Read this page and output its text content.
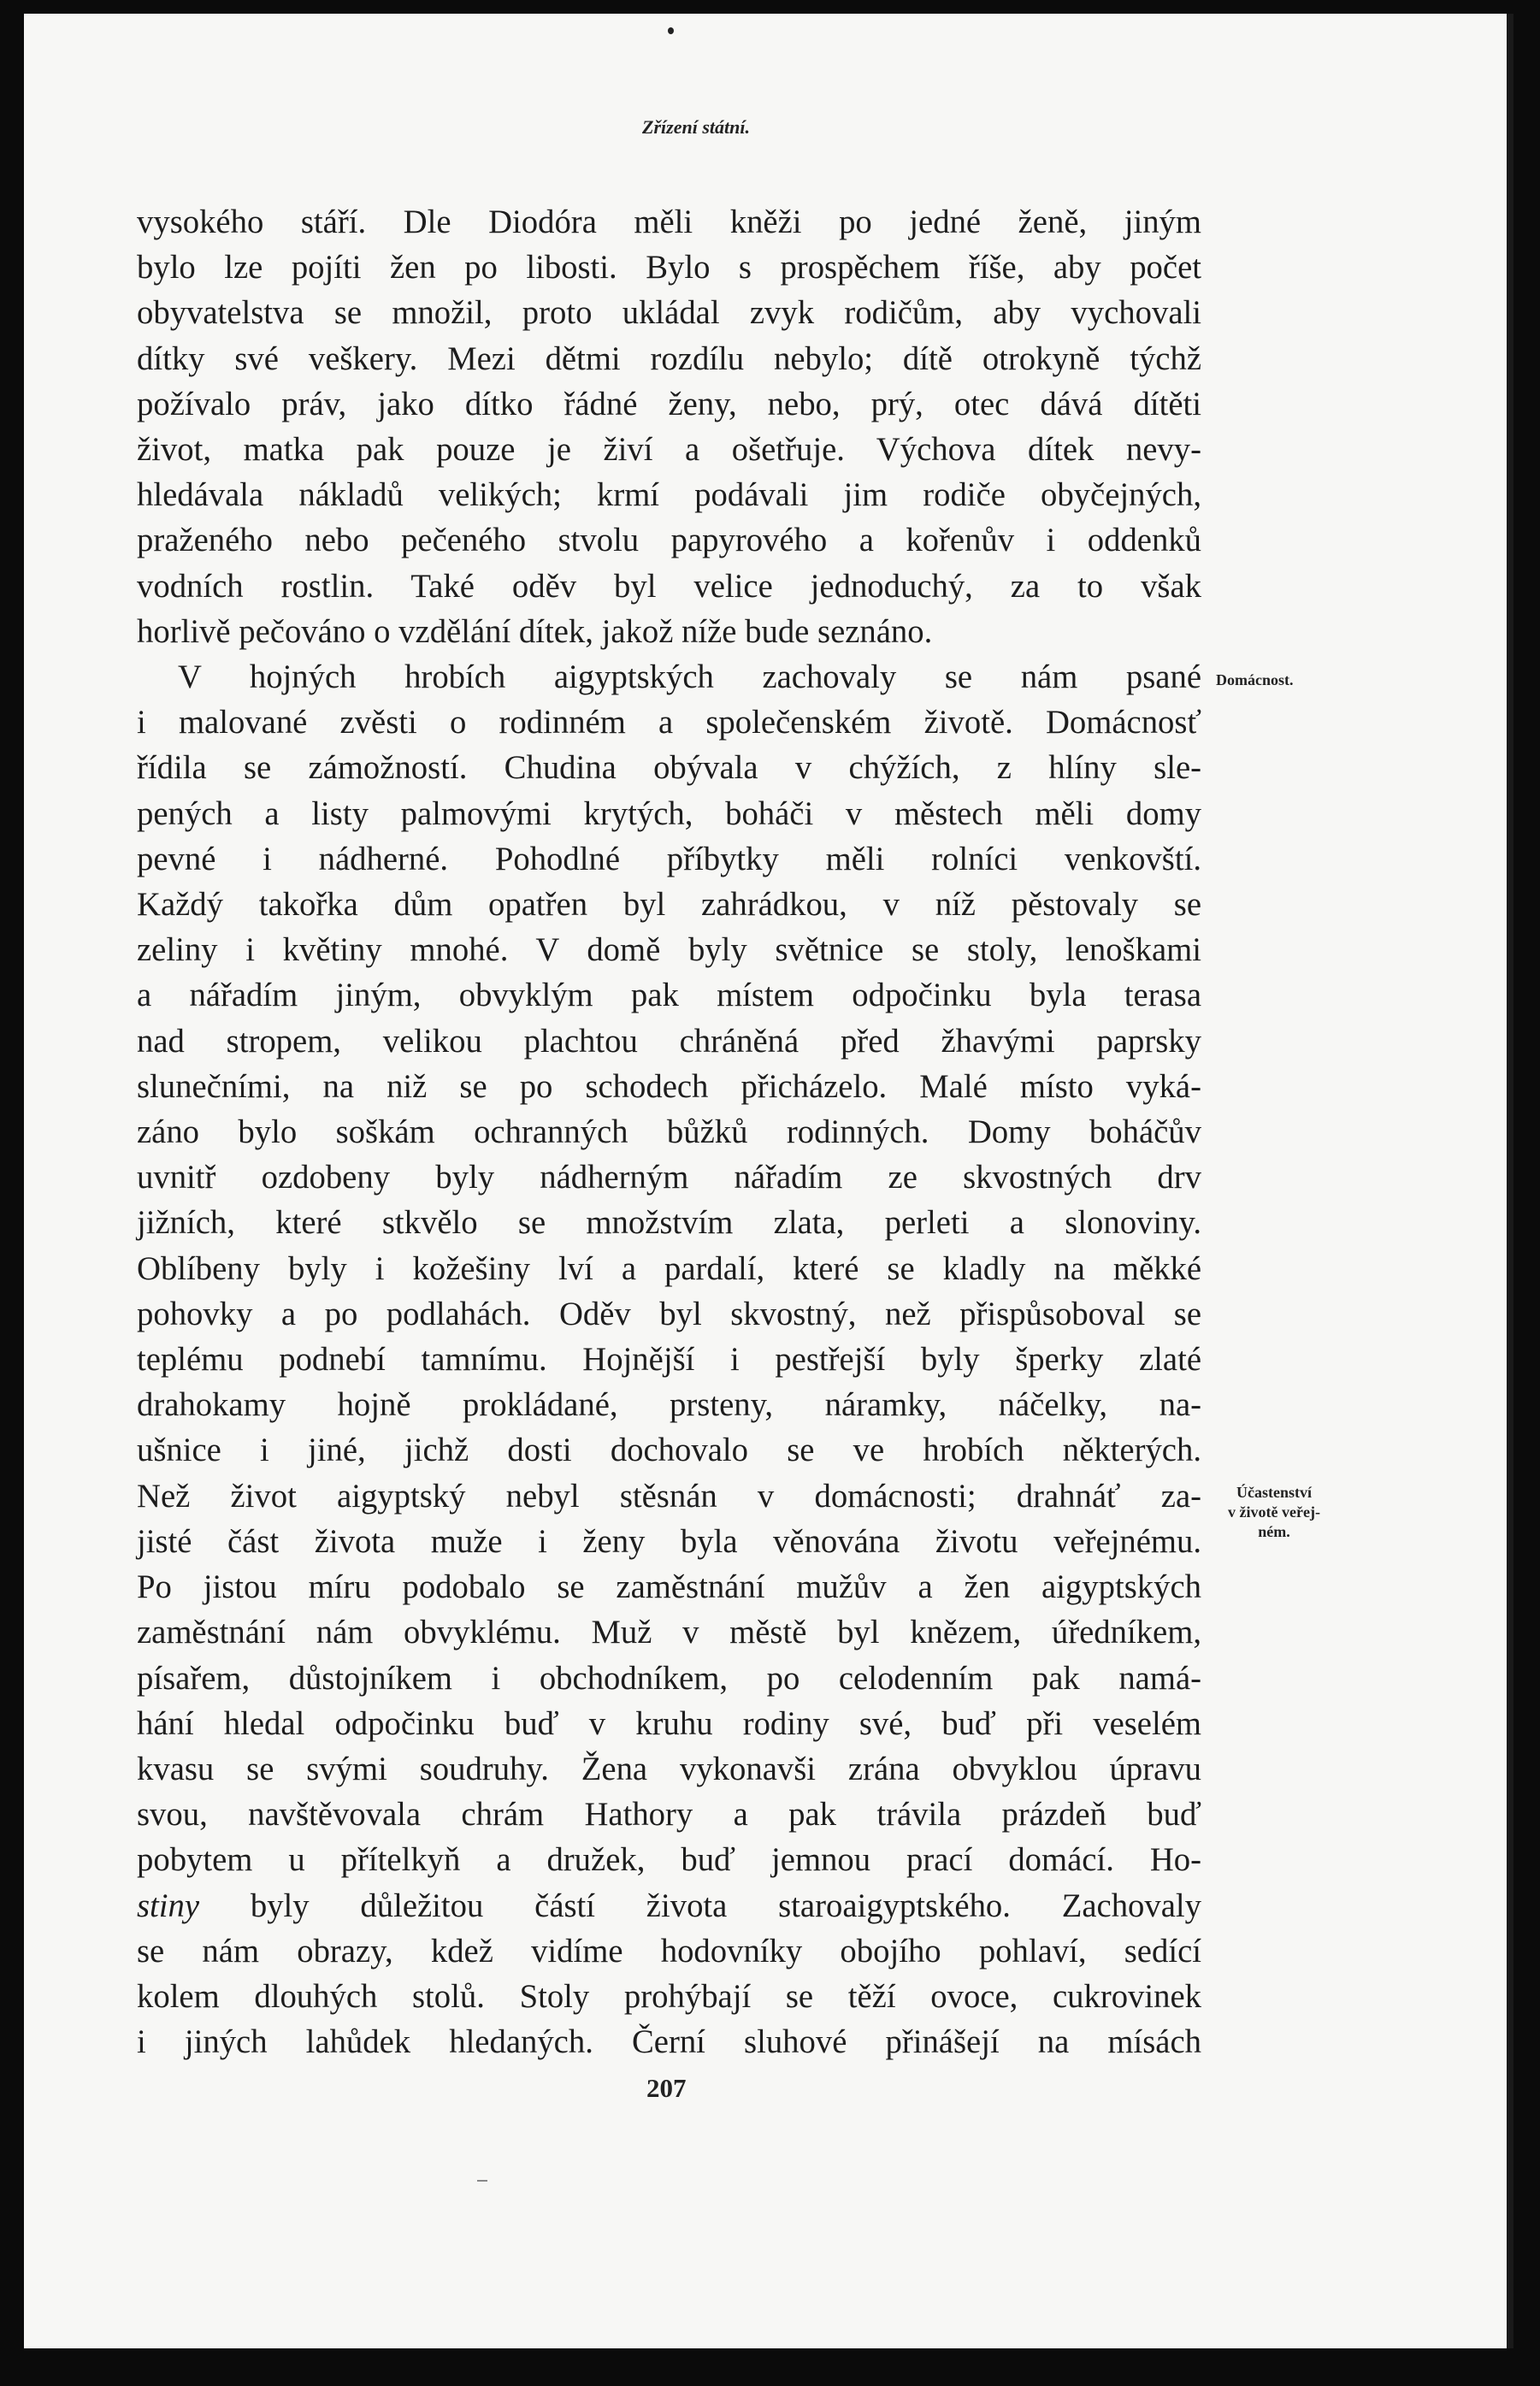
Zřízení státní.
vysokého stáří. Dle Diodóra měli kněži po jedné ženě, jiným
bylo lze pojíti žen po libosti. Bylo s prospěchem říše, aby počet
obyvatelstva se množil, proto ukládal zvyk rodičům, aby vychovali
dítky své veškery. Mezi dětmi rozdílu nebylo; dítě otrokyně týchž
požívalo práv, jako dítko řádné ženy, nebo, prý, otec dává dítěti
život, matka pak pouze je živí a ošetřuje. Výchova dítek nevy-
hledávala nákladů velikých; krmí podávali jim rodiče obyčejných,
praženého nebo pečeného stvolu papyrového a kořenův i oddenků
vodních rostlin. Také oděv byl velice jednoduchý, za to však
horlivě pečováno o vzdělání dítek, jakož níže bude seznáno.
V hojných hrobích aigyptských zachovaly se nám psané
i malované zvěsti o rodinném a společenském životě. Domácnosť
řídila se zámožností. Chudina obývala v chýžích, z hlíny sle-
pených a listy palmovými krytých, boháči v městech měli domy
pevné i nádherné. Pohodlné příbytky měli rolníci venkovští.
Každý takořka dům opatřen byl zahrádkou, v níž pěstovaly se
zeliny i květiny mnohé. V domě byly světnice se stoly, lenoškami
a nářadím jiným, obvyklým pak místem odpočinku byla terasa
nad stropem, velikou plachtou chráněná před žhavými paprsky
slunečními, na niž se po schodech přicházelo. Malé místo vyká-
záno bylo soškám ochranných bůžků rodinných. Domy boháčův
uvnitř ozdobeny byly nádherným nářadím ze skvostných drv
jižních, které stkvělo se množstvím zlata, perleti a slonoviny.
Oblíbeny byly i kožešiny lví a pardalí, které se kladly na měkké
pohovky a po podlahách. Oděv byl skvostný, než přispůsoboval se
teplému podnebí tamnímu. Hojnější i pestřejší byly šperky zlaté
drahokamy hojně prokládané, prsteny, náramky, náčelky, na-
ušnice i jiné, jichž dosti dochovalo se ve hrobích některých.
Než život aigyptský nebyl stěsnán v domácnosti; drahnáť za-
jisté část života muže i ženy byla věnována životu veřejnému.
Po jistou míru podobalo se zaměstnání mužův a žen aigyptských
zaměstnání nám obvyklému. Muž v městě byl knězem, úředníkem,
písařem, důstojníkem i obchodníkem, po celodenním pak namá-
hání hledal odpočinku buď v kruhu rodiny své, buď při veselém
kvasu se svými soudruhy. Žena vykonavši zrána obvyklou úpravu
svou, navštěvovala chrám Hathory a pak trávila prázdeň buď
pobytem u přítelkyň a družek, buď jemnou prací domácí. Ho-
stiny byly důležitou částí života staroaigyptského. Zachovaly
se nám obrazy, kdež vidíme hodovníky obojího pohlaví, sedící
kolem dlouhých stolů. Stoly prohýbají se těží ovoce, cukrovinek
i jiných lahůdek hledaných. Černí sluhové přinášejí na mísách
Domácnost.
Účastenství
v životě veřej-
ném.
207
